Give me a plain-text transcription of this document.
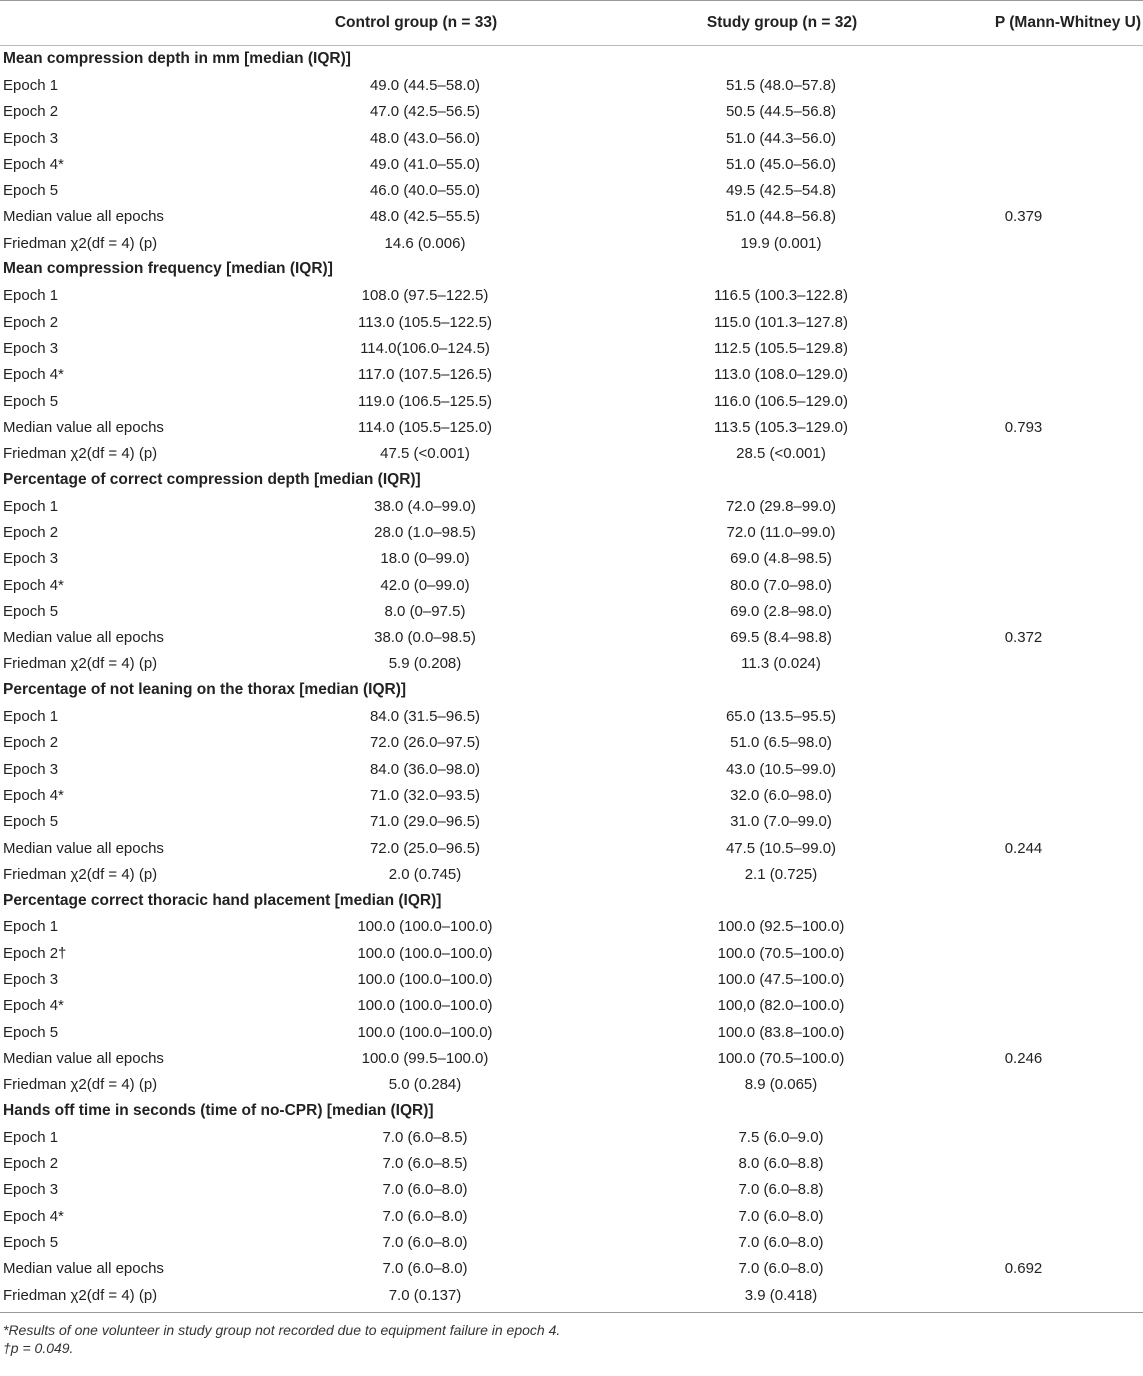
Control group (n = 33)	Study group (n = 32)	P (Mann-Whitney U)
Mean compression depth in mm [median (IQR)]
Epoch 1	49.0 (44.5–58.0)	51.5 (48.0–57.8)
Epoch 2	47.0 (42.5–56.5)	50.5 (44.5–56.8)
Epoch 3	48.0 (43.0–56.0)	51.0 (44.3–56.0)
Epoch 4*	49.0 (41.0–55.0)	51.0 (45.0–56.0)
Epoch 5	46.0 (40.0–55.0)	49.5 (42.5–54.8)
Median value all epochs	48.0 (42.5–55.5)	51.0 (44.8–56.8)	0.379
Friedman χ2(df = 4) (p)	14.6 (0.006)	19.9 (0.001)
Mean compression frequency [median (IQR)]
Epoch 1	108.0 (97.5–122.5)	116.5 (100.3–122.8)
Epoch 2	113.0 (105.5–122.5)	115.0 (101.3–127.8)
Epoch 3	114.0(106.0–124.5)	112.5 (105.5–129.8)
Epoch 4*	117.0 (107.5–126.5)	113.0 (108.0–129.0)
Epoch 5	119.0 (106.5–125.5)	116.0 (106.5–129.0)
Median value all epochs	114.0 (105.5–125.0)	113.5 (105.3–129.0)	0.793
Friedman χ2(df = 4) (p)	47.5 (<0.001)	28.5 (<0.001)
Percentage of correct compression depth [median (IQR)]
Epoch 1	38.0 (4.0–99.0)	72.0 (29.8–99.0)
Epoch 2	28.0 (1.0–98.5)	72.0 (11.0–99.0)
Epoch 3	18.0 (0–99.0)	69.0 (4.8–98.5)
Epoch 4*	42.0 (0–99.0)	80.0 (7.0–98.0)
Epoch 5	8.0 (0–97.5)	69.0 (2.8–98.0)
Median value all epochs	38.0 (0.0–98.5)	69.5 (8.4–98.8)	0.372
Friedman χ2(df = 4) (p)	5.9 (0.208)	11.3 (0.024)
Percentage of not leaning on the thorax [median (IQR)]
Epoch 1	84.0 (31.5–96.5)	65.0 (13.5–95.5)
Epoch 2	72.0 (26.0–97.5)	51.0 (6.5–98.0)
Epoch 3	84.0 (36.0–98.0)	43.0 (10.5–99.0)
Epoch 4*	71.0 (32.0–93.5)	32.0 (6.0–98.0)
Epoch 5	71.0 (29.0–96.5)	31.0 (7.0–99.0)
Median value all epochs	72.0 (25.0–96.5)	47.5 (10.5–99.0)	0.244
Friedman χ2(df = 4) (p)	2.0 (0.745)	2.1 (0.725)
Percentage correct thoracic hand placement [median (IQR)]
Epoch 1	100.0 (100.0–100.0)	100.0 (92.5–100.0)
Epoch 2†	100.0 (100.0–100.0)	100.0 (70.5–100.0)
Epoch 3	100.0 (100.0–100.0)	100.0 (47.5–100.0)
Epoch 4*	100.0 (100.0–100.0)	100,0 (82.0–100.0)
Epoch 5	100.0 (100.0–100.0)	100.0 (83.8–100.0)
Median value all epochs	100.0 (99.5–100.0)	100.0 (70.5–100.0)	0.246
Friedman χ2(df = 4) (p)	5.0 (0.284)	8.9 (0.065)
Hands off time in seconds (time of no-CPR) [median (IQR)]
Epoch 1	7.0 (6.0–8.5)	7.5 (6.0–9.0)
Epoch 2	7.0 (6.0–8.5)	8.0 (6.0–8.8)
Epoch 3	7.0 (6.0–8.0)	7.0 (6.0–8.8)
Epoch 4*	7.0 (6.0–8.0)	7.0 (6.0–8.0)
Epoch 5	7.0 (6.0–8.0)	7.0 (6.0–8.0)
Median value all epochs	7.0 (6.0–8.0)	7.0 (6.0–8.0)	0.692
Friedman χ2(df = 4) (p)	7.0 (0.137)	3.9 (0.418)
*Results of one volunteer in study group not recorded due to equipment failure in epoch 4.
†p = 0.049.
